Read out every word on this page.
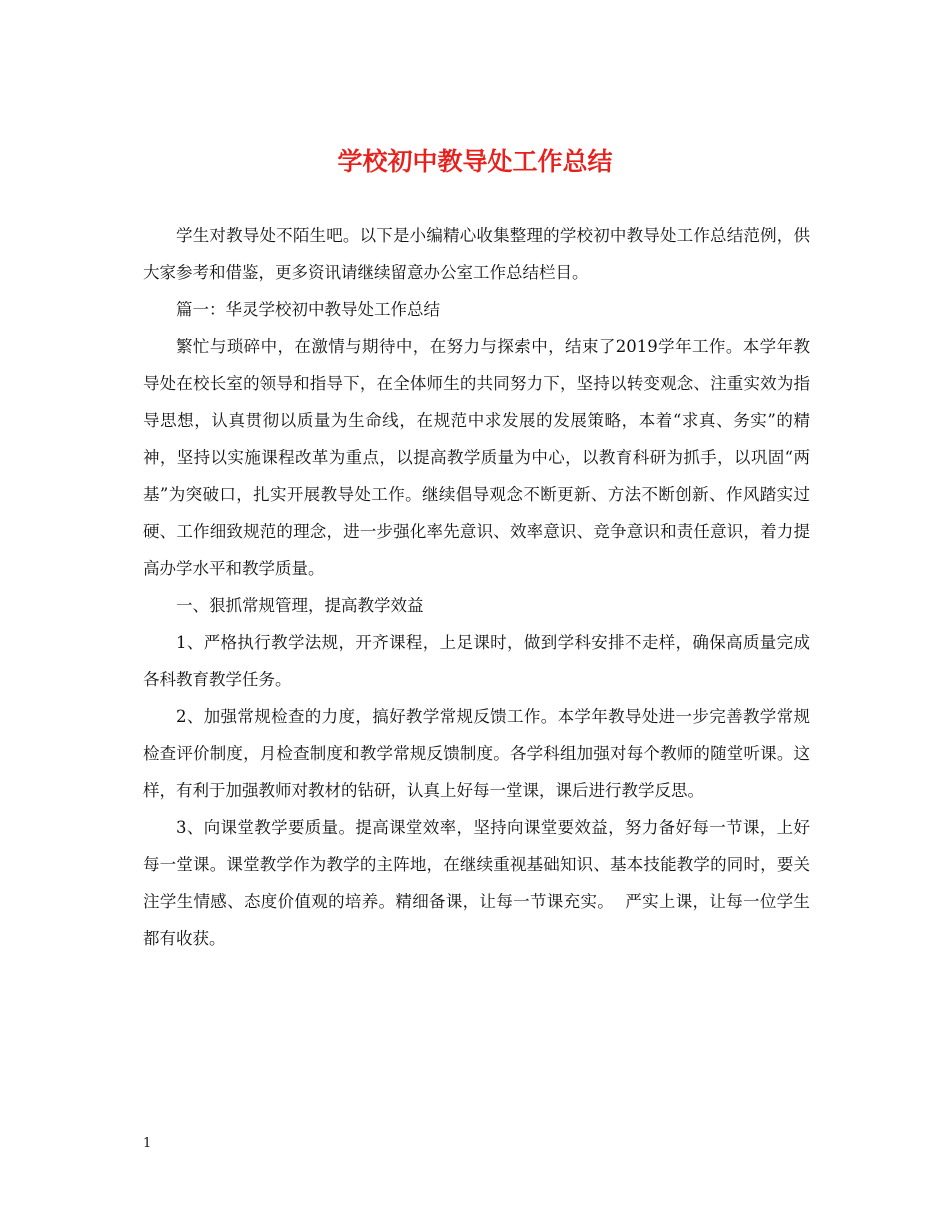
学校初中教导处工作总结

学生对教导处不陌生吧。以下是小编精心收集整理的学校初中教导处工作总结范例，供大家参考和借鉴，更多资讯请继续留意办公室工作总结栏目。

篇一：华灵学校初中教导处工作总结

繁忙与琐碎中，在激情与期待中，在努力与探索中，结束了2019学年工作。本学年教导处在校长室的领导和指导下，在全体师生的共同努力下，坚持以转变观念、注重实效为指导思想，认真贯彻以质量为生命线，在规范中求发展的发展策略，本着“求真、务实”的精神，坚持以实施课程改革为重点，以提高教学质量为中心，以教育科研为抓手，以巩固“两基”为突破口，扎实开展教导处工作。继续倡导观念不断更新、方法不断创新、作风踏实过硬、工作细致规范的理念，进一步强化率先意识、效率意识、竞争意识和责任意识，着力提高办学水平和教学质量。

一、狠抓常规管理，提高教学效益

1、严格执行教学法规，开齐课程，上足课时，做到学科安排不走样，确保高质量完成各科教育教学任务。

2、加强常规检查的力度，搞好教学常规反馈工作。本学年教导处进一步完善教学常规检查评价制度，月检查制度和教学常规反馈制度。各学科组加强对每个教师的随堂听课。这样，有利于加强教师对教材的钻研，认真上好每一堂课，课后进行教学反思。

3、向课堂教学要质量。提高课堂效率，坚持向课堂要效益，努力备好每一节课，上好每一堂课。课堂教学作为教学的主阵地，在继续重视基础知识、基本技能教学的同时，要关注学生情感、态度价值观的培养。精细备课，让每一节课充实。  严实上课，让每一位学生都有收获。

1
